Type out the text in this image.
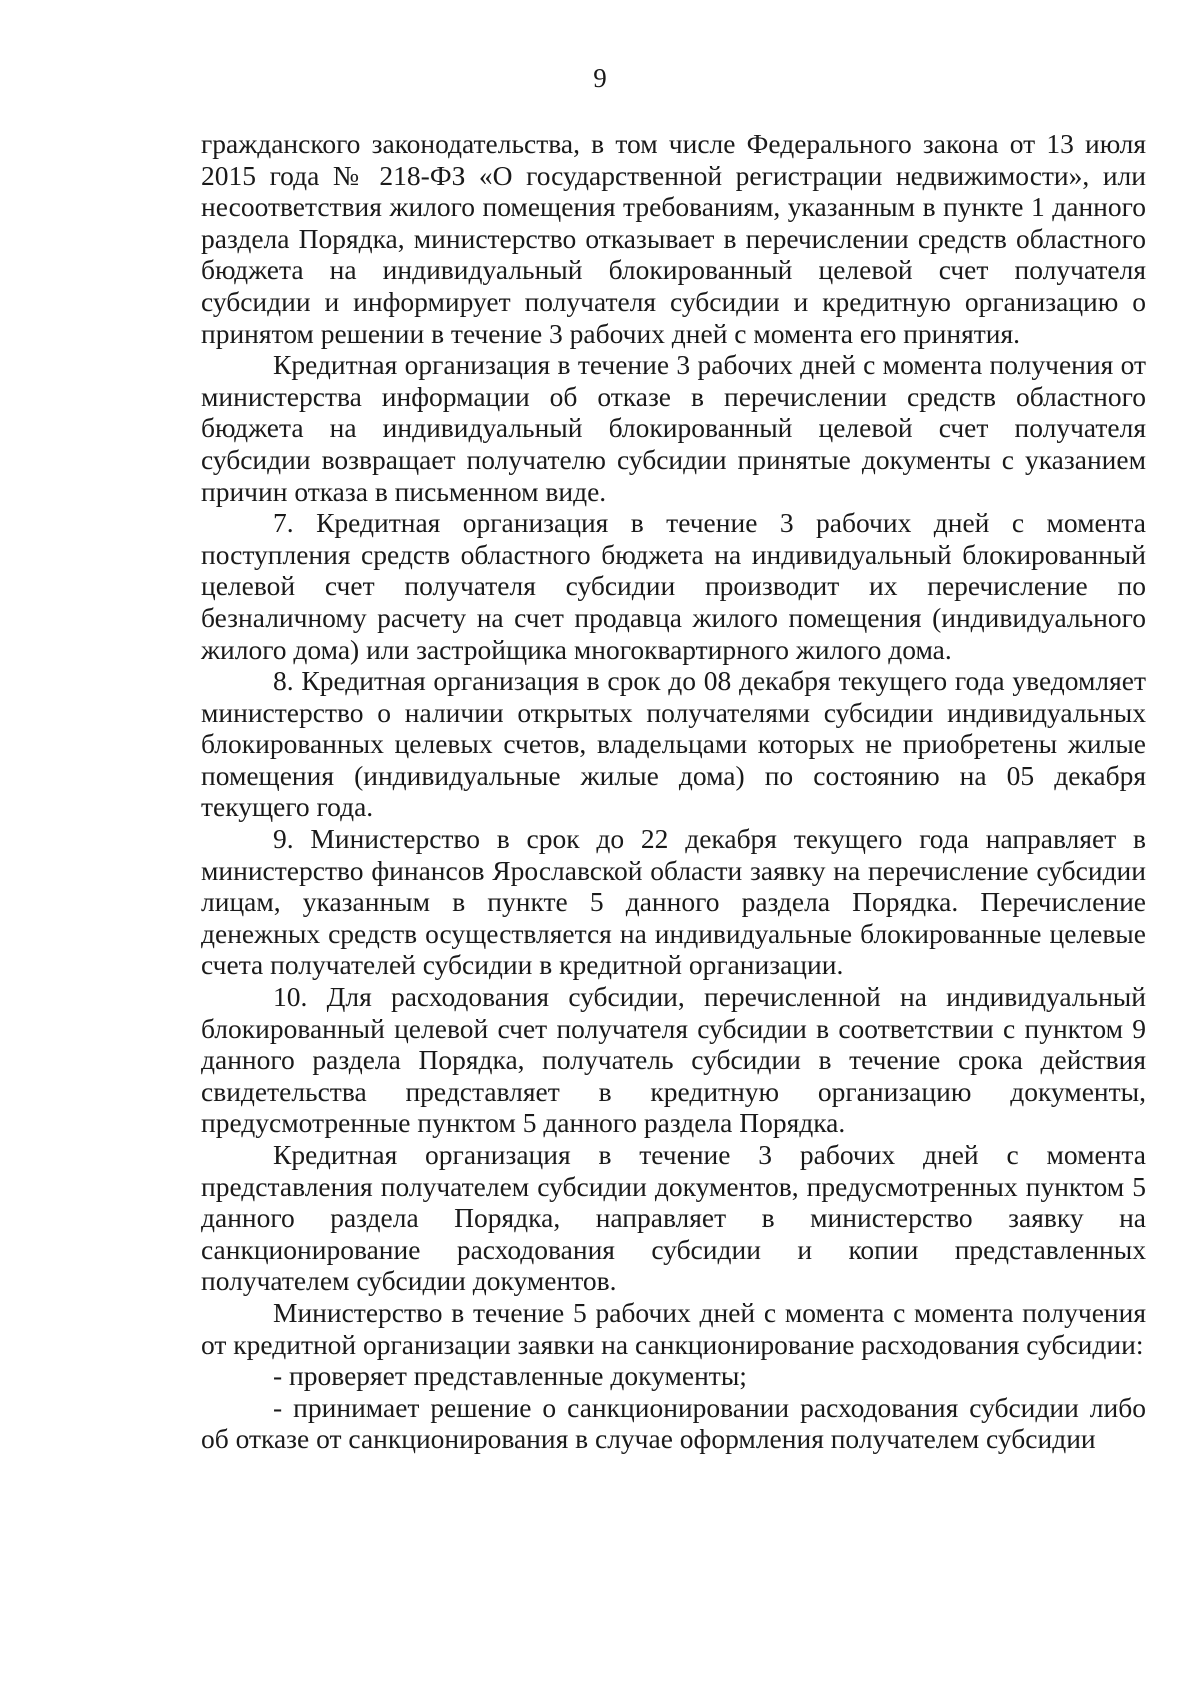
9

гражданского законодательства, в том числе Федерального закона от 13 июля 2015 года № 218-ФЗ «О государственной регистрации недвижимости», или несоответствия жилого помещения требованиям, указанным в пункте 1 данного раздела Порядка, министерство отказывает в перечислении средств областного бюджета на индивидуальный блокированный целевой счет получателя субсидии и информирует получателя субсидии и кредитную организацию о принятом решении в течение 3 рабочих дней с момента его принятия.

Кредитная организация в течение 3 рабочих дней с момента получения от министерства информации об отказе в перечислении средств областного бюджета на индивидуальный блокированный целевой счет получателя субсидии возвращает получателю субсидии принятые документы с указанием причин отказа в письменном виде.

7. Кредитная организация в течение 3 рабочих дней с момента поступления средств областного бюджета на индивидуальный блокированный целевой счет получателя субсидии производит их перечисление по безналичному расчету на счет продавца жилого помещения (индивидуального жилого дома) или застройщика многоквартирного жилого дома.

8. Кредитная организация в срок до 08 декабря текущего года уведомляет министерство о наличии открытых получателями субсидии индивидуальных блокированных целевых счетов, владельцами которых не приобретены жилые помещения (индивидуальные жилые дома) по состоянию на 05 декабря текущего года.

9. Министерство в срок до 22 декабря текущего года направляет в министерство финансов Ярославской области заявку на перечисление субсидии лицам, указанным в пункте 5 данного раздела Порядка. Перечисление денежных средств осуществляется на индивидуальные блокированные целевые счета получателей субсидии в кредитной организации.

10. Для расходования субсидии, перечисленной на индивидуальный блокированный целевой счет получателя субсидии в соответствии с пунктом 9 данного раздела Порядка, получатель субсидии в течение срока действия свидетельства представляет в кредитную организацию документы, предусмотренные пунктом 5 данного раздела Порядка.

Кредитная организация в течение 3 рабочих дней с момента представления получателем субсидии документов, предусмотренных пунктом 5 данного раздела Порядка, направляет в министерство заявку на санкционирование расходования субсидии и копии представленных получателем субсидии документов.

Министерство в течение 5 рабочих дней с момента с момента получения от кредитной организации заявки на санкционирование расходования субсидии:

- проверяет представленные документы;

- принимает решение о санкционировании расходования субсидии либо об отказе от санкционирования в случае оформления получателем субсидии
